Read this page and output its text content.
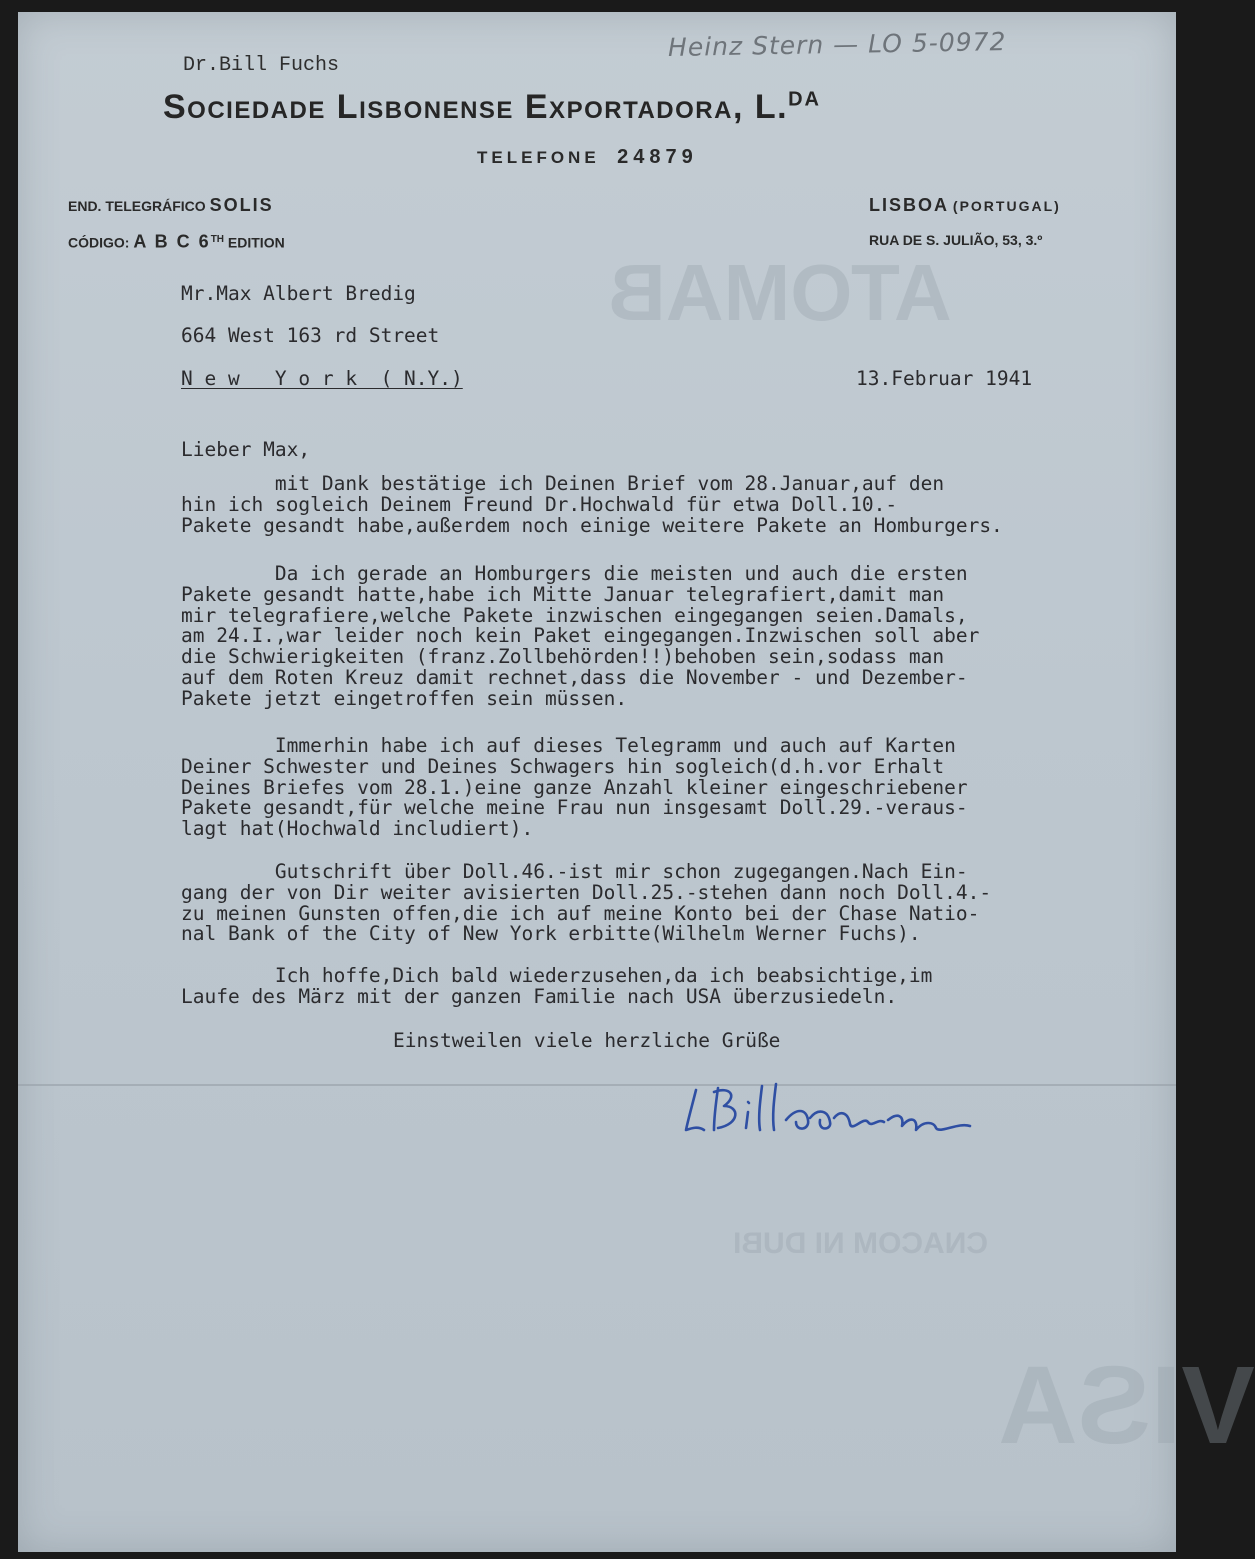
ATOMAB
CNACOM NI DUBI
VISA
Heinz Stern — LO 5-0972
Dr.Bill Fuchs
Sociedade Lisbonense Exportadora, L.$^{DA}$
TELEFONE 24879
END. TELEGRÁFICO SOLIS
CÓDIGO: A B C 6TH EDITION
LISBOA (PORTUGAL)
RUA DE S. JULIÃO, 53, 3.º
Mr.Max Albert Bredig
664 West 163 rd Street
N e w   Y o r k  ( N.Y.)	13.Februar 1941
Lieber Max,
mit Dank bestätige ich Deinen Brief vom 28.Januar,auf den
hin ich sogleich Deinem Freund Dr.Hochwald für etwa Doll.10.-
Pakete gesandt habe,außerdem noch einige weitere Pakete an Homburgers.
Da ich gerade an Homburgers die meisten und auch die ersten
Pakete gesandt hatte,habe ich Mitte Januar telegrafiert,damit man
mir telegrafiere,welche Pakete inzwischen eingegangen seien.Damals,
am 24.I.,war leider noch kein Paket eingegangen.Inzwischen soll aber
die Schwierigkeiten (franz.Zollbehörden!!)behoben sein,sodass man
auf dem Roten Kreuz damit rechnet,dass die November - und Dezember-
Pakete jetzt eingetroffen sein müssen.
Immerhin habe ich auf dieses Telegramm und auch auf Karten
Deiner Schwester und Deines Schwagers hin sogleich(d.h.vor Erhalt
Deines Briefes vom 28.1.)eine ganze Anzahl kleiner eingeschriebener
Pakete gesandt,für welche meine Frau nun insgesamt Doll.29.-veraus-
lagt hat(Hochwald includiert).
Gutschrift über Doll.46.-ist mir schon zugegangen.Nach Ein-
gang der von Dir weiter avisierten Doll.25.-stehen dann noch Doll.4.-
zu meinen Gunsten offen,die ich auf meine Konto bei der Chase Natio-
nal Bank of the City of New York erbitte(Wilhelm Werner Fuchs).
Ich hoffe,Dich bald wiederzusehen,da ich beabsichtige,im
Laufe des März mit der ganzen Familie nach USA überzusiedeln.
Einstweilen viele herzliche Grüße
